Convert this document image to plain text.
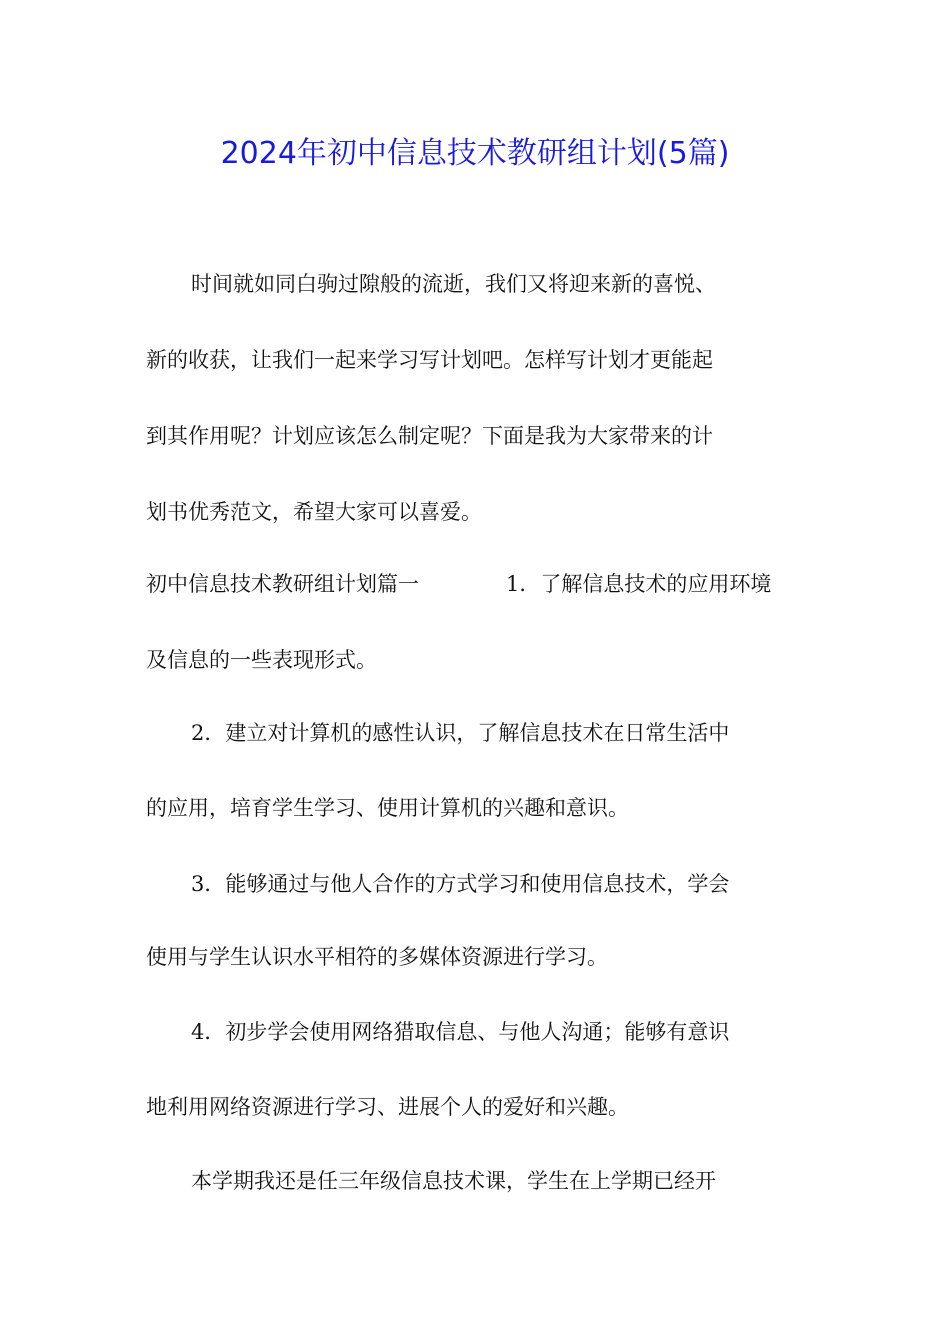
2024年初中信息技术教研组计划(5篇)
时间就如同白驹过隙般的流逝，我们又将迎来新的喜悦、
新的收获，让我们一起来学习写计划吧。怎样写计划才更能起
到其作用呢？计划应该怎么制定呢？下面是我为大家带来的计
划书优秀范文，希望大家可以喜爱。
初中信息技术教研组计划篇一	1．了解信息技术的应用环境
及信息的一些表现形式。
2．建立对计算机的感性认识，了解信息技术在日常生活中
的应用，培育学生学习、使用计算机的兴趣和意识。
3．能够通过与他人合作的方式学习和使用信息技术，学会
使用与学生认识水平相符的多媒体资源进行学习。
4．初步学会使用网络猎取信息、与他人沟通；能够有意识
地利用网络资源进行学习、进展个人的爱好和兴趣。
本学期我还是任三年级信息技术课，学生在上学期已经开
